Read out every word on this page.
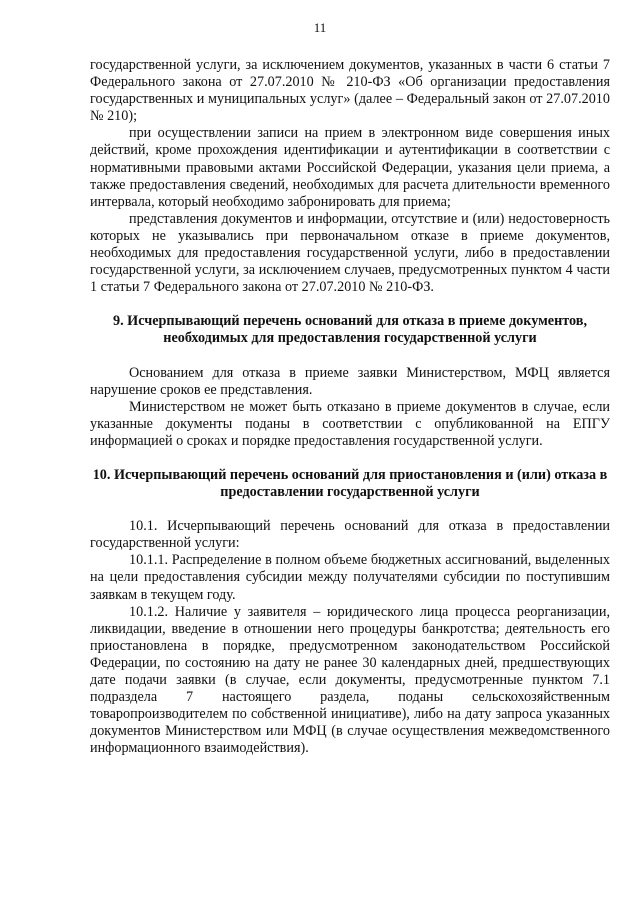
11

государственной услуги, за исключением документов, указанных в части 6 статьи 7 Федерального закона от 27.07.2010 № 210-ФЗ «Об организации предоставления государственных и муниципальных услуг» (далее – Федеральный закон от 27.07.2010 № 210);

при осуществлении записи на прием в электронном виде совершения иных действий, кроме прохождения идентификации и аутентификации в соответствии с нормативными правовыми актами Российской Федерации, указания цели приема, а также предоставления сведений, необходимых для расчета длительности временного интервала, который необходимо забронировать для приема;

представления документов и информации, отсутствие и (или) недостоверность которых не указывались при первоначальном отказе в приеме документов, необходимых для предоставления государственной услуги, либо в предоставлении государственной услуги, за исключением случаев, предусмотренных пунктом 4 части 1 статьи 7 Федерального закона от 27.07.2010 № 210-ФЗ.

9. Исчерпывающий перечень оснований для отказа в приеме документов, необходимых для предоставления государственной услуги

Основанием для отказа в приеме заявки Министерством, МФЦ является нарушение сроков ее представления.

Министерством не может быть отказано в приеме документов в случае, если указанные документы поданы в соответствии с опубликованной на ЕПГУ информацией о сроках и порядке предоставления государственной услуги.

10. Исчерпывающий перечень оснований для приостановления и (или) отказа в предоставлении государственной услуги

10.1. Исчерпывающий перечень оснований для отказа в предоставлении государственной услуги:

10.1.1. Распределение в полном объеме бюджетных ассигнований, выделенных на цели предоставления субсидии между получателями субсидии по поступившим заявкам в текущем году.

10.1.2. Наличие у заявителя – юридического лица процесса реорганизации, ликвидации, введение в отношении него процедуры банкротства; деятельность его приостановлена в порядке, предусмотренном законодательством Российской Федерации, по состоянию на дату не ранее 30 календарных дней, предшествующих дате подачи заявки (в случае, если документы, предусмотренные пунктом 7.1 подраздела 7 настоящего раздела, поданы сельскохозяйственным товаропроизводителем по собственной инициативе), либо на дату запроса указанных документов Министерством или МФЦ (в случае осуществления межведомственного информационного взаимодействия).
